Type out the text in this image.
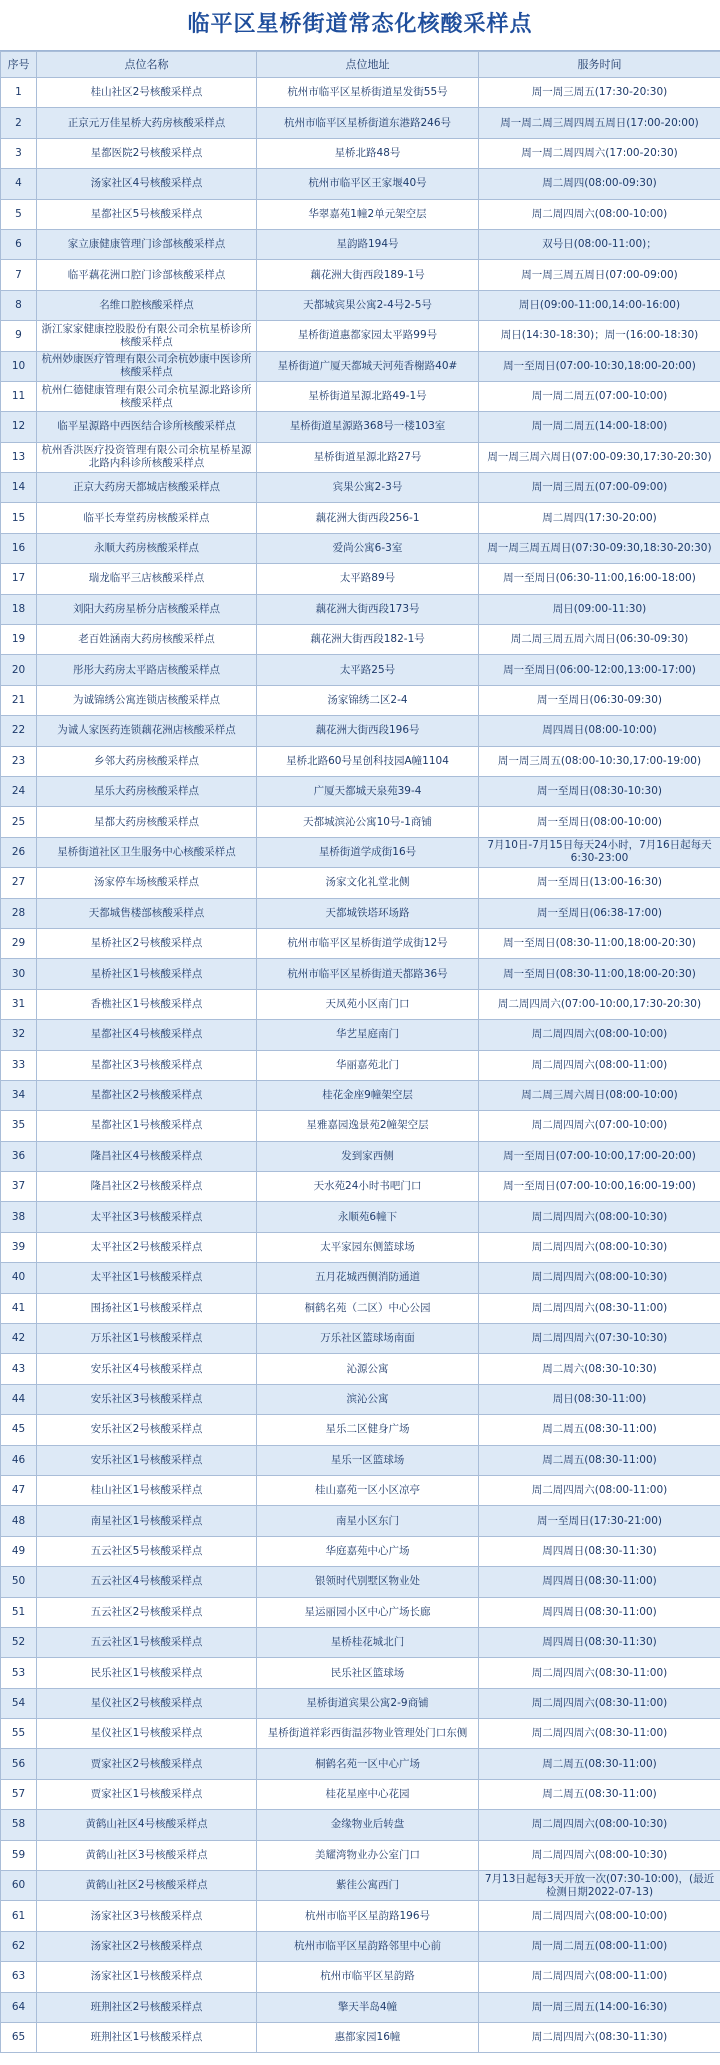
临平区星桥街道常态化核酸采样点
序号	点位名称	点位地址	服务时间
1	桂山社区2号核酸采样点	杭州市临平区星桥街道星发街55号	周一周三周五(17:30-20:30)
2	正京元万佳星桥大药房核酸采样点	杭州市临平区星桥街道东港路246号	周一周二周三周四周五周日(17:00-20:00)
3	星都医院2号核酸采样点	星桥北路48号	周一周二周四周六(17:00-20:30)
4	汤家社区4号核酸采样点	杭州市临平区王家堰40号	周二周四(08:00-09:30)
5	星都社区5号核酸采样点	华翠嘉苑1幢2单元架空层	周二周四周六(08:00-10:00)
6	家立康健康管理门诊部核酸采样点	星韵路194号	双号日(08:00-11:00)；
7	临平藕花洲口腔门诊部核酸采样点	藕花洲大街西段189-1号	周一周三周五周日(07:00-09:00)
8	名维口腔核酸采样点	天都城宾果公寓2-4号2-5号	周日(09:00-11:00,14:00-16:00)
9	浙江家家健康控股股份有限公司余杭星桥诊所核酸采样点	星桥街道惠都家园太平路99号	周日(14:30-18:30)；周一(16:00-18:30)
10	杭州妙康医疗管理有限公司余杭妙康中医诊所核酸采样点	星桥街道广厦天都城天河苑香榭路40#	周一至周日(07:00-10:30,18:00-20:00)
11	杭州仁德健康管理有限公司余杭星源北路诊所核酸采样点	星桥街道星源北路49-1号	周一周二周五(07:00-10:00)
12	临平星源路中西医结合诊所核酸采样点	星桥街道星源路368号一楼103室	周一周二周五(14:00-18:00)
13	杭州香洪医疗投资管理有限公司余杭星桥星源北路内科诊所核酸采样点	星桥街道星源北路27号	周一周三周六周日(07:00-09:30,17:30-20:30)
14	正京大药房天都城店核酸采样点	宾果公寓2-3号	周一周三周五(07:00-09:00)
15	临平长寿堂药房核酸采样点	藕花洲大街西段256-1	周二周四(17:30-20:00)
16	永顺大药房核酸采样点	爱尚公寓6-3室	周一周三周五周日(07:30-09:30,18:30-20:30)
17	瑞龙临平三店核酸采样点	太平路89号	周一至周日(06:30-11:00,16:00-18:00)
18	刘阳大药房星桥分店核酸采样点	藕花洲大街西段173号	周日(09:00-11:30)
19	老百姓涵南大药房核酸采样点	藕花洲大街西段182-1号	周二周三周五周六周日(06:30-09:30)
20	彤彤大药房太平路店核酸采样点	太平路25号	周一至周日(06:00-12:00,13:00-17:00)
21	为诚锦绣公寓连锁店核酸采样点	汤家锦绣二区2-4	周一至周日(06:30-09:30)
22	为诚人家医药连锁藕花洲店核酸采样点	藕花洲大街西段196号	周四周日(08:00-10:00)
23	乡邻大药房核酸采样点	星桥北路60号星创科技园A幢1104	周一周三周五(08:00-10:30,17:00-19:00)
24	星乐大药房核酸采样点	广厦天都城天泉苑39-4	周一至周日(08:30-10:30)
25	星都大药房核酸采样点	天都城滨沁公寓10号-1商铺	周一至周日(08:00-10:00)
26	星桥街道社区卫生服务中心核酸采样点	星桥街道学成街16号	7月10日-7月15日每天24小时，7月16日起每天6:30-23:00
27	汤家停车场核酸采样点	汤家文化礼堂北侧	周一至周日(13:00-16:30)
28	天都城售楼部核酸采样点	天都城铁塔环场路	周一至周日(06:38-17:00)
29	星桥社区2号核酸采样点	杭州市临平区星桥街道学成街12号	周一至周日(08:30-11:00,18:00-20:30)
30	星桥社区1号核酸采样点	杭州市临平区星桥街道天都路36号	周一至周日(08:30-11:00,18:00-20:30)
31	香樵社区1号核酸采样点	天凤苑小区南门口	周二周四周六(07:00-10:00,17:30-20:30)
32	星都社区4号核酸采样点	华艺星庭南门	周二周四周六(08:00-10:00)
33	星都社区3号核酸采样点	华丽嘉苑北门	周二周四周六(08:00-11:00)
34	星都社区2号核酸采样点	桂花金座9幢架空层	周二周三周六周日(08:00-10:00)
35	星都社区1号核酸采样点	星雅嘉园逸景苑2幢架空层	周二周四周六(07:00-10:00)
36	隆昌社区4号核酸采样点	发到家西侧	周一至周日(07:00-10:00,17:00-20:00)
37	隆昌社区2号核酸采样点	天水苑24小时书吧门口	周一至周日(07:00-10:00,16:00-19:00)
38	太平社区3号核酸采样点	永顺苑6幢下	周二周四周六(08:00-10:30)
39	太平社区2号核酸采样点	太平家园东侧篮球场	周二周四周六(08:00-10:30)
40	太平社区1号核酸采样点	五月花城西侧消防通道	周二周四周六(08:00-10:30)
41	围扬社区1号核酸采样点	桐鹤名苑（二区）中心公园	周二周四周六(08:30-11:00)
42	万乐社区1号核酸采样点	万乐社区篮球场南面	周二周四周六(07:30-10:30)
43	安乐社区4号核酸采样点	沁源公寓	周二周六(08:30-10:30)
44	安乐社区3号核酸采样点	滨沁公寓	周日(08:30-11:00)
45	安乐社区2号核酸采样点	星乐二区健身广场	周二周五(08:30-11:00)
46	安乐社区1号核酸采样点	星乐一区篮球场	周二周五(08:30-11:00)
47	桂山社区1号核酸采样点	桂山嘉苑一区小区凉亭	周二周四周六(08:00-11:00)
48	南星社区1号核酸采样点	南星小区东门	周一至周日(17:30-21:00)
49	五云社区5号核酸采样点	华庭嘉苑中心广场	周四周日(08:30-11:30)
50	五云社区4号核酸采样点	银领时代别墅区物业处	周四周日(08:30-11:00)
51	五云社区2号核酸采样点	星运丽园小区中心广场长廊	周四周日(08:30-11:00)
52	五云社区1号核酸采样点	星桥桂花城北门	周四周日(08:30-11:30)
53	民乐社区1号核酸采样点	民乐社区篮球场	周二周四周六(08:30-11:00)
54	星仪社区2号核酸采样点	星桥街道宾果公寓2-9商铺	周二周四周六(08:30-11:00)
55	星仪社区1号核酸采样点	星桥街道祥彩西街温莎物业管理处门口东侧	周二周四周六(08:30-11:00)
56	贾家社区2号核酸采样点	桐鹤名苑一区中心广场	周二周五(08:30-11:00)
57	贾家社区1号核酸采样点	桂花星座中心花园	周二周五(08:30-11:00)
58	黄鹤山社区4号核酸采样点	金缘物业后转盘	周二周四周六(08:00-10:30)
59	黄鹤山社区3号核酸采样点	美耀湾物业办公室门口	周二周四周六(08:00-10:30)
60	黄鹤山社区2号核酸采样点	紫徍公寓西门	7月13日起每3天开放一次(07:30-10:00)，(最近检测日期2022-07-13)
61	汤家社区3号核酸采样点	杭州市临平区星韵路196号	周二周四周六(08:00-10:00)
62	汤家社区2号核酸采样点	杭州市临平区星韵路邻里中心前	周一周二周五(08:00-11:00)
63	汤家社区1号核酸采样点	杭州市临平区星韵路	周二周四周六(08:00-11:00)
64	班荆社区2号核酸采样点	擎天半岛4幢	周一周三周五(14:00-16:30)
65	班荆社区1号核酸采样点	惠都家园16幢	周二周四周六(08:30-11:30)
